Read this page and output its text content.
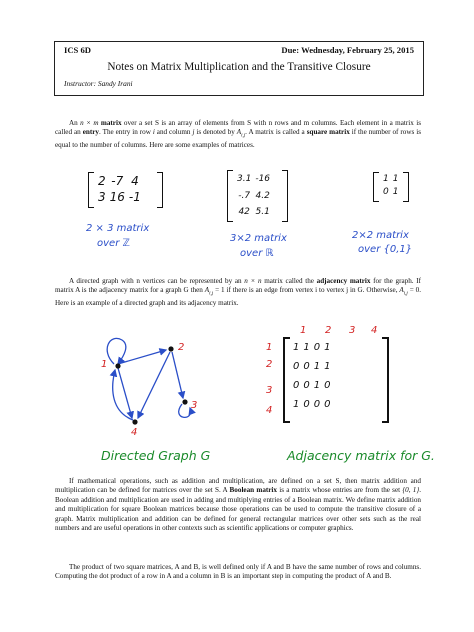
ICS 6D	Due: Wednesday, February 25, 2015
Notes on Matrix Multiplication and the Transitive Closure
Instructor: Sandy Irani
An n × m matrix over a set S is an array of elements from S with n rows and m columns. Each element in a matrix is called an entry. The entry in row i and column j is denoted by $A_{i,j}$. A matrix is called a square matrix if the number of rows is equal to the number of columns. Here are some examples of matrices.
2	-7	4
3	16	-1
2 × 3 matrix
over ℤ
3.1	-16
-.7	4.2
42	5.1
3×2 matrix
over ℝ
1	1
0	1
2×2 matrix
over {0,1}
A directed graph with n vertices can be represented by an n × n matrix called the adjacency matrix for the graph. If matrix A is the adjacency matrix for a graph G then $A_{i,j} = 1$ if there is an edge from vertex i to vertex j in G. Otherwise, $A_{i,j} = 0$. Here is an example of a directed graph and its adjacency matrix.
1
2
3
4
Directed Graph G
1 2 3 4
1
2
3
4
1	1	0	1
0	0	1	1
0	0	1	0
1	0	0	0
Adjacency matrix for G.
If mathematical operations, such as addition and multiplication, are defined on a set S, then matrix addition and multiplication can be defined for matrices over the set S. A Boolean matrix is a matrix whose entries are from the set {0, 1}. Boolean addition and multiplication are used in adding and multiplying entries of a Boolean matrix. We define matrix addition and multiplication for square Boolean matrices because those operations can be used to compute the transitive closure of a graph. Matrix multiplication and addition can be defined for general rectangular matrices over other sets such as the real numbers and are useful operations in other contexts such as scientific applications or computer graphics.
The product of two square matrices, A and B, is well defined only if A and B have the same number of rows and columns. Computing the dot product of a row in A and a column in B is an important step in computing the product of A and B.
